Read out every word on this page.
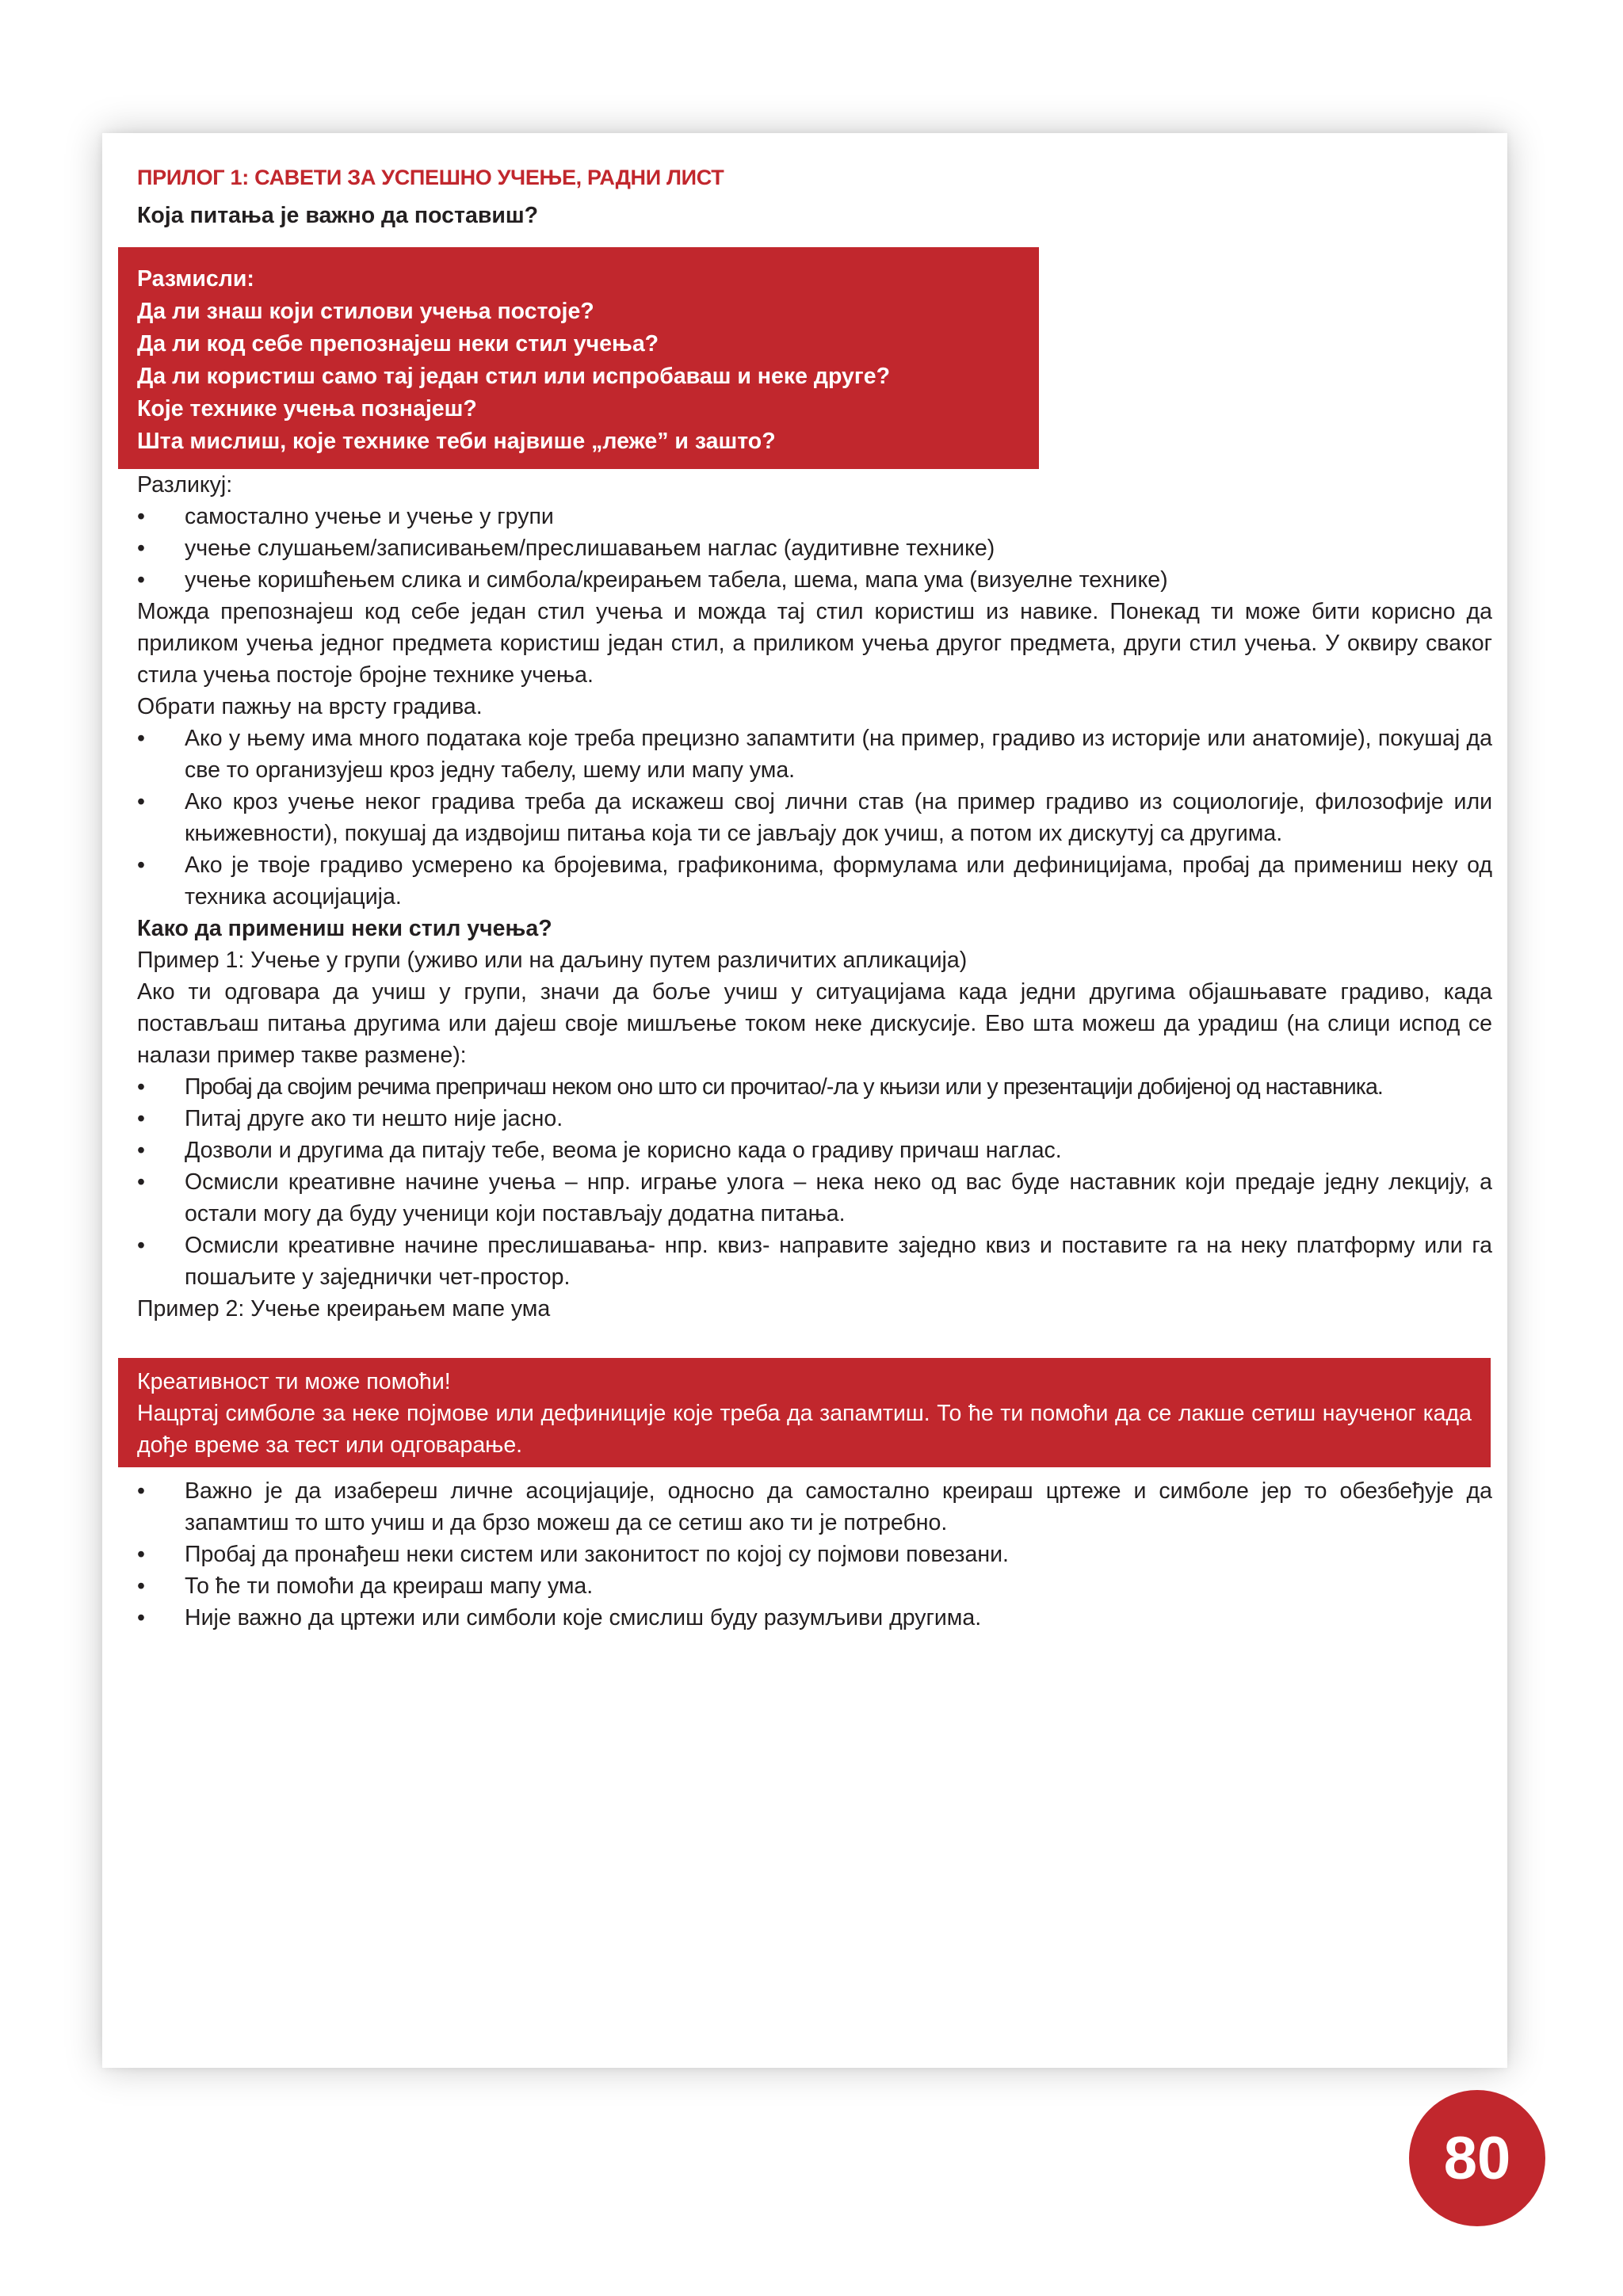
ПРИЛОГ 1: САВЕТИ ЗА УСПЕШНО УЧЕЊЕ, РАДНИ ЛИСТ
Која питања је важно да поставиш?
Размисли:
Да ли знаш који стилови учења постоје?
Да ли код себе препознајеш неки стил учења?
Да ли користиш само тај један стил или испробаваш и неке друге?
Које технике учења познајеш?
Шта мислиш, које технике теби највише „леже” и зашто?

Разликуј:

• самостално учење и учење у групи
• учење слушањем/записивањем/преслишавањем наглас (аудитивне технике)
• учење коришћењем слика и симбола/креирањем табела, шема, мапа ума (визуелне технике)

Можда препознајеш код себе један стил учења и можда тај стил користиш из навике. Понекад ти може бити корисно да приликом учења једног предмета користиш један стил, а приликом учења другог предмета, други стил учења. У оквиру сваког стила учења постоје бројне технике учења.

Обрати пажњу на врсту градива.

• Ако у њему има много података које треба прецизно запамтити (на пример, градиво из историје или анатомије), покушај да све то организујеш кроз једну табелу, шему или мапу ума.
• Ако кроз учење неког градива треба да искажеш свој лични став (на пример градиво из социологије, филозофије или књижевности), покушај да издвојиш питања која ти се јављају док учиш, а потом их дискутуј са другима.
• Ако је твоје градиво усмерено ка бројевима, графиконима, формулама или дефиницијама, пробај да примениш неку од техника асоцијација.

Како да примениш неки стил учења?

Пример 1: Учење у групи (уживо или на даљину путем различитих апликација)

Ако ти одговара да учиш у групи, значи да боље учиш у ситуацијама када једни другима објашњавате градиво, када постављаш питања другима или дајеш своје мишљење током неке дискусије. Ево шта можеш да урадиш (на слици испод се налази пример такве размене):

• Пробај да својим речима препричаш неком оно што си прочитао/-ла у књизи или у презентацији добијеној од наставника.
• Питај друге ако ти нешто није јасно.
• Дозволи и другима да питају тебе, веома је корисно када о градиву причаш наглас.
• Осмисли креативне начине учења – нпр. играње улога – нека неко од вас буде наставник који предаје једну лекцију, а остали могу да буду ученици који постављају додатна питања.
• Осмисли креативне начине преслишавања- нпр. квиз- направите заједно квиз и поставите га на неку платформу или га пошаљите у заједнички чет-простор.

Пример 2: Учење креирањем мапе ума

Креативност ти може помоћи!

Нацртај симболе за неке појмове или дефиниције које треба да запамтиш. То ће ти помоћи да се лакше сетиш наученог када дође време за тест или одговарање.

• Важно је да изабереш личне асоцијације, односно да самостално креираш цртеже и симболе јер то обезбеђује да запамтиш то што учиш и да брзо можеш да се сетиш ако ти је потребно.
• Пробај да пронађеш неки систем или законитост по којој су појмови повезани.
• То ће ти помоћи да креираш мапу ума.
• Није важно да цртежи или симболи које смислиш буду разумљиви другима.
80
